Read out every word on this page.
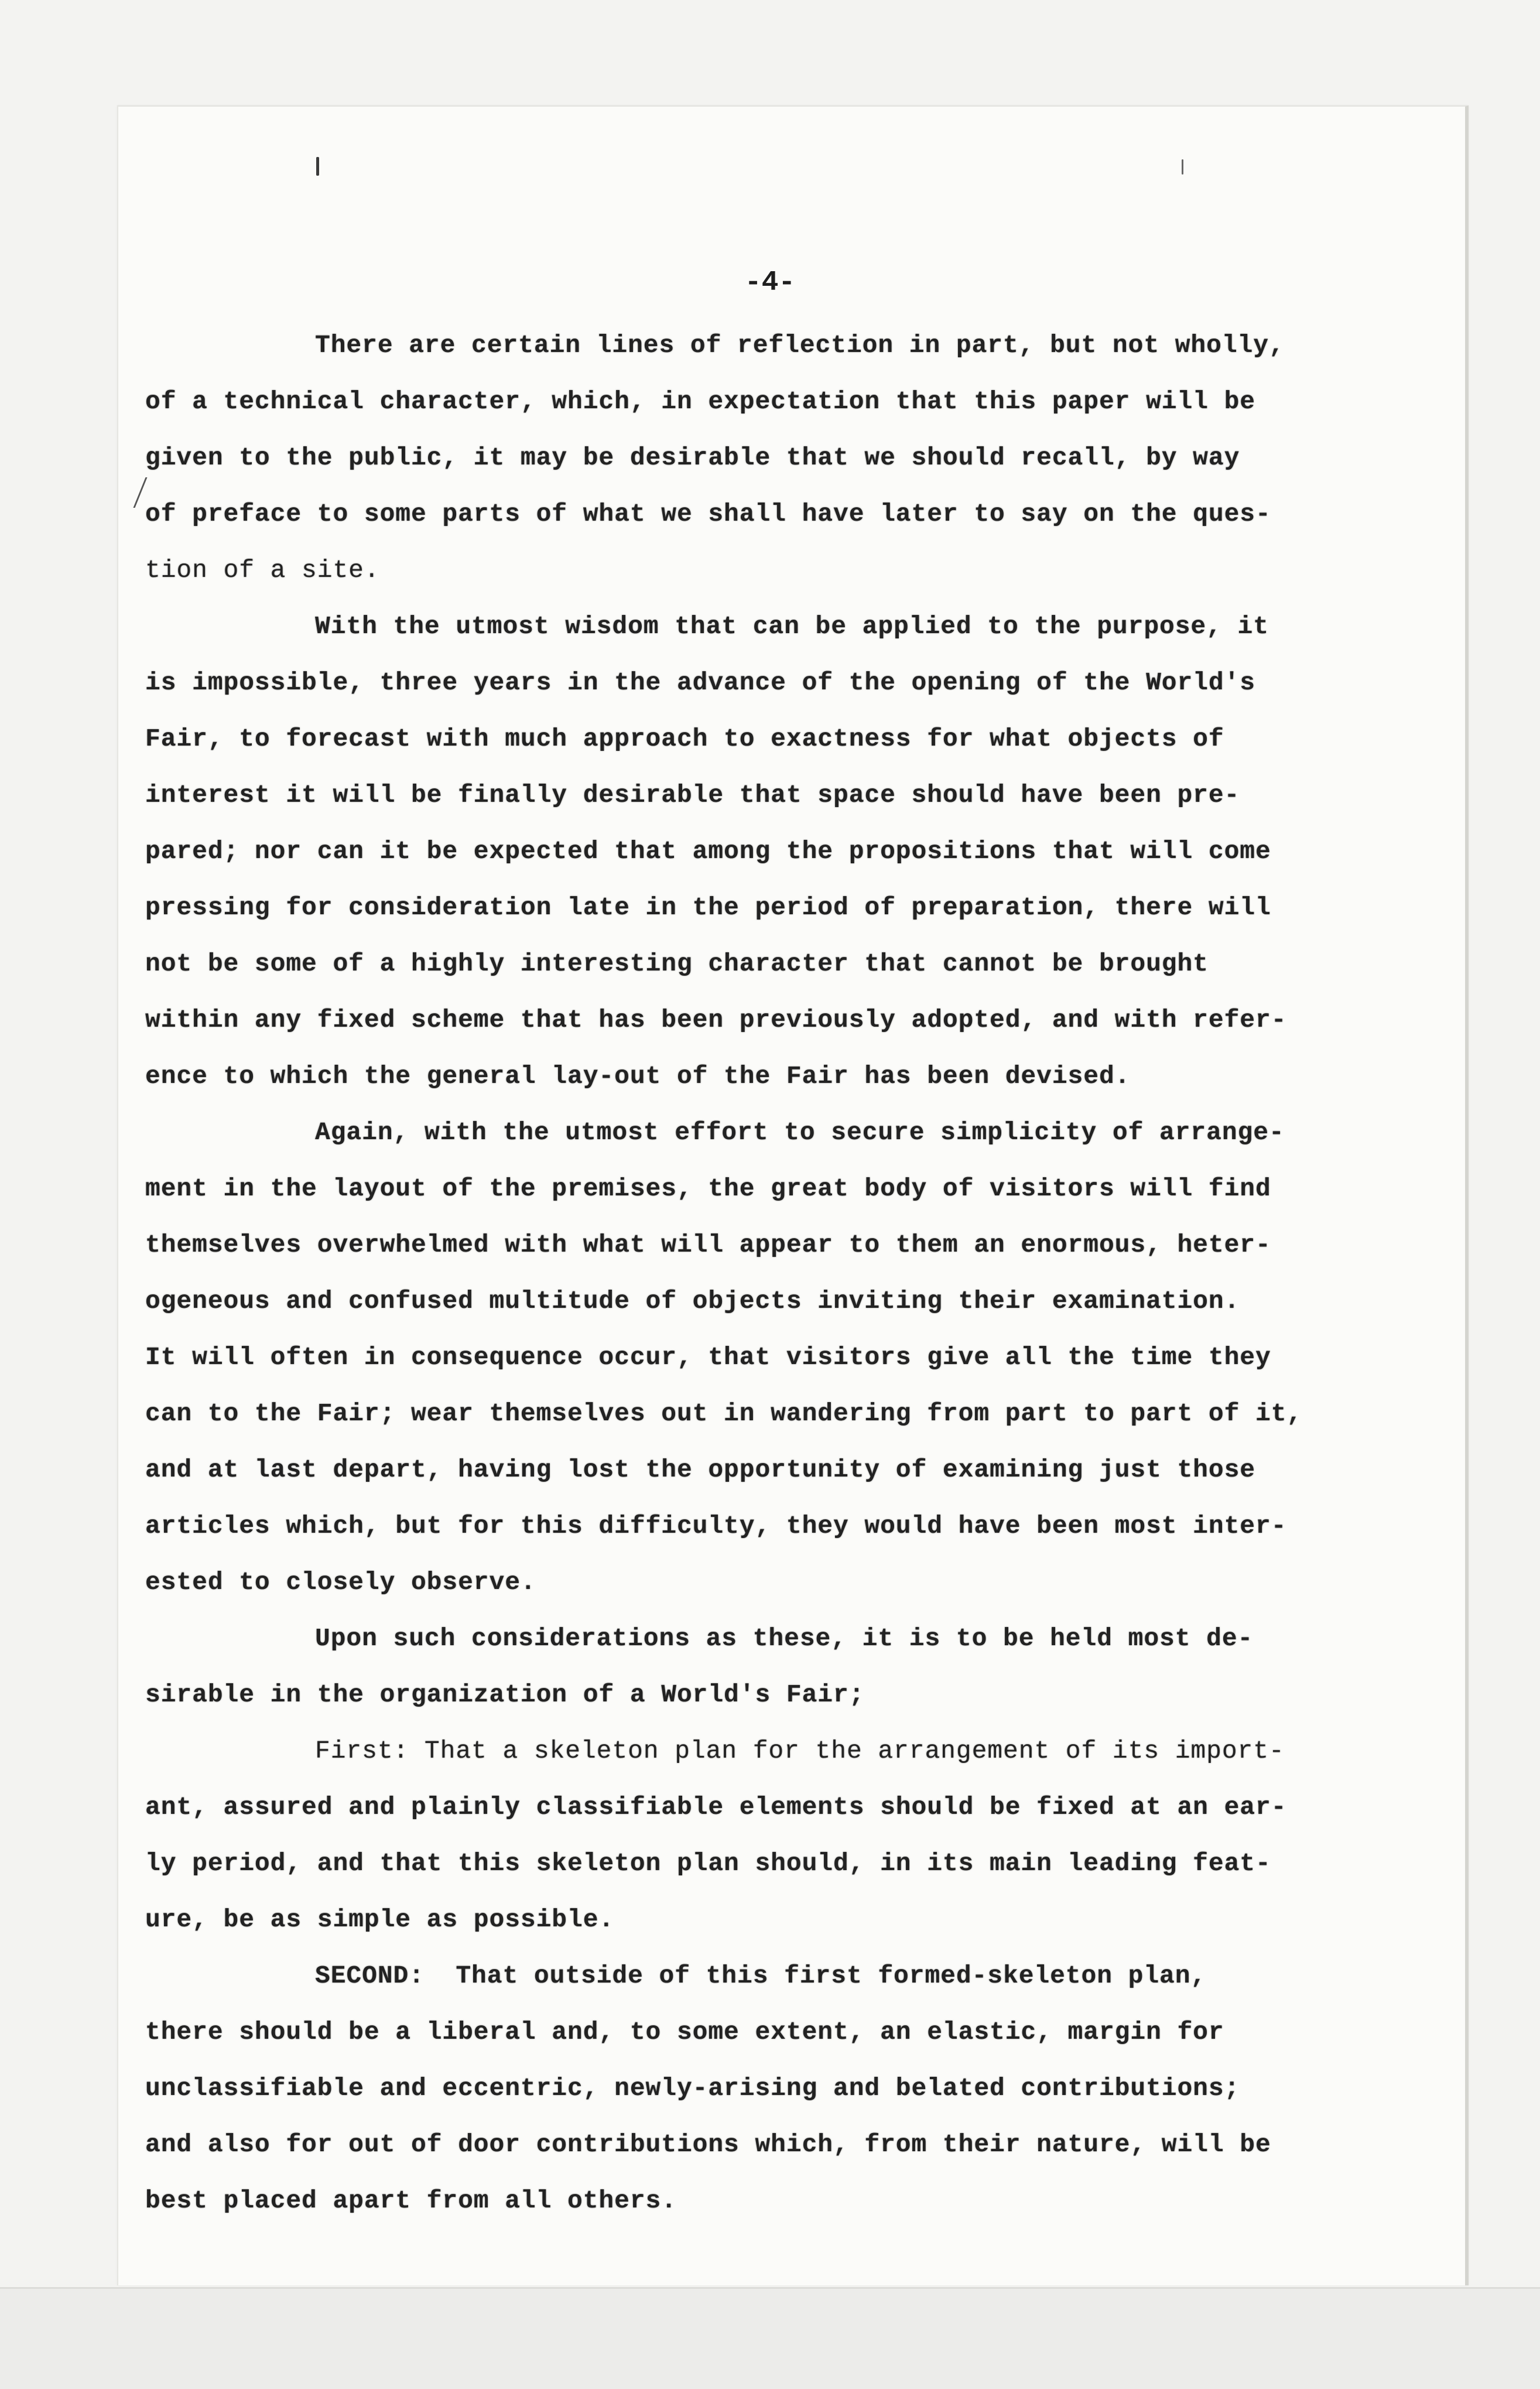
-4-

There are certain lines of reflection in part, but not wholly,

of a technical character, which, in expectation that this paper will be

given to the public, it may be desirable that we should recall, by way

of preface to some parts of what we shall have later to say on the ques-

tion of a site.

With the utmost wisdom that can be applied to the purpose, it

is impossible, three years in the advance of the opening of the World's

Fair, to forecast with much approach to exactness for what objects of

interest it will be finally desirable that space should have been pre-

pared; nor can it be expected that among the propositions that will come

pressing for consideration late in the period of preparation, there will

not be some of a highly interesting character that cannot be brought

within any fixed scheme that has been previously adopted, and with refer-

ence to which the general lay-out of the Fair has been devised.

Again, with the utmost effort to secure simplicity of arrange-

ment in the layout of the premises, the great body of visitors will find

themselves overwhelmed with what will appear to them an enormous, heter-

ogeneous and confused multitude of objects inviting their examination.

It will often in consequence occur, that visitors give all the time they

can to the Fair; wear themselves out in wandering from part to part of it,

and at last depart, having lost the opportunity of examining just those

articles which, but for this difficulty, they would have been most inter-

ested to closely observe.

Upon such considerations as these, it is to be held most de-

sirable in the organization of a World's Fair;

First: That a skeleton plan for the arrangement of its import-

ant, assured and plainly classifiable elements should be fixed at an ear-

ly period, and that this skeleton plan should, in its main leading feat-

ure, be as simple as possible.

SECOND:  That outside of this first formed-skeleton plan,

there should be a liberal and, to some extent, an elastic, margin for

unclassifiable and eccentric, newly-arising and belated contributions;

and also for out of door contributions which, from their nature, will be

best placed apart from all others.
